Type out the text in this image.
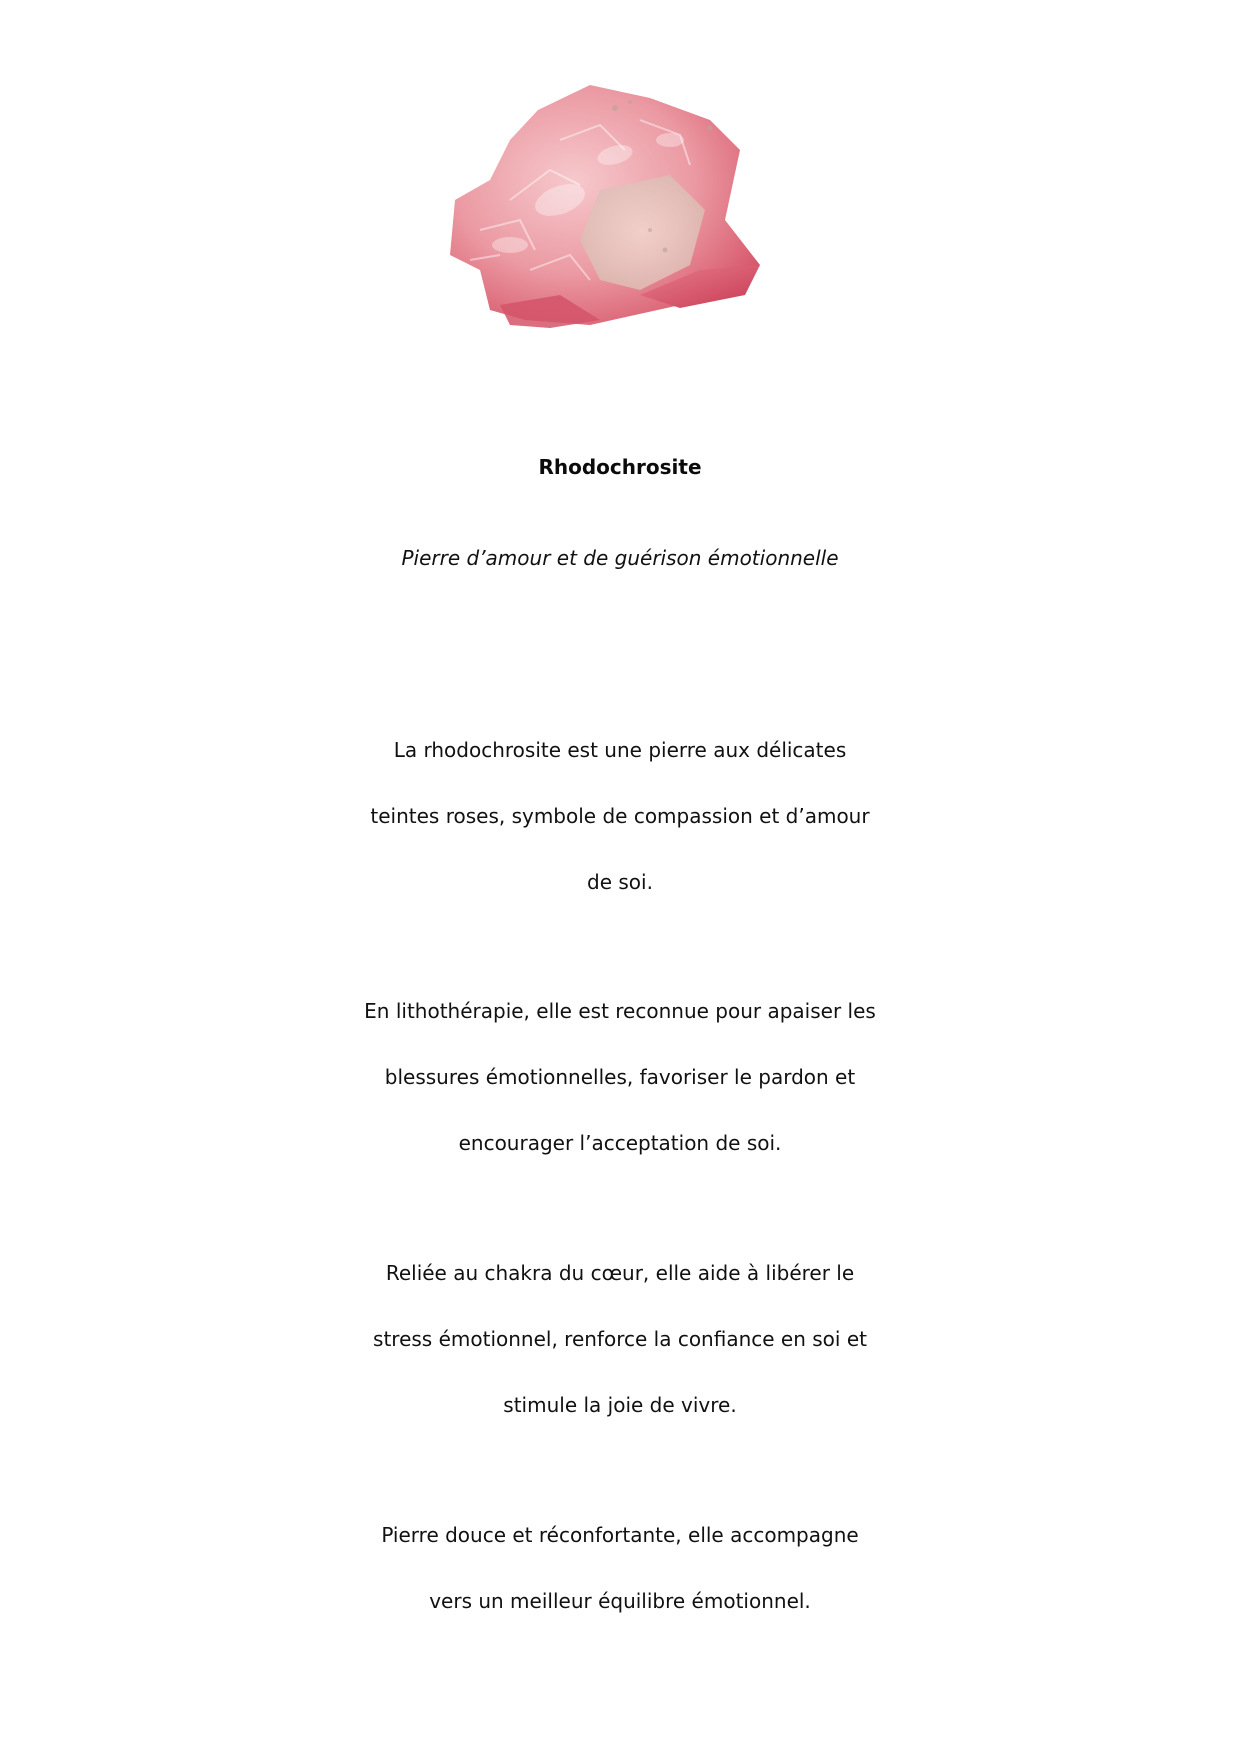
Rhodochrosite
Pierre d’amour et de guérison émotionnelle
La rhodochrosite est une pierre aux délicates
teintes roses, symbole de compassion et d’amour
de soi.
En lithothérapie, elle est reconnue pour apaiser les
blessures émotionnelles, favoriser le pardon et
encourager l’acceptation de soi.
Reliée au chakra du cœur, elle aide à libérer le
stress émotionnel, renforce la confiance en soi et
stimule la joie de vivre.
Pierre douce et réconfortante, elle accompagne
vers un meilleur équilibre émotionnel.
